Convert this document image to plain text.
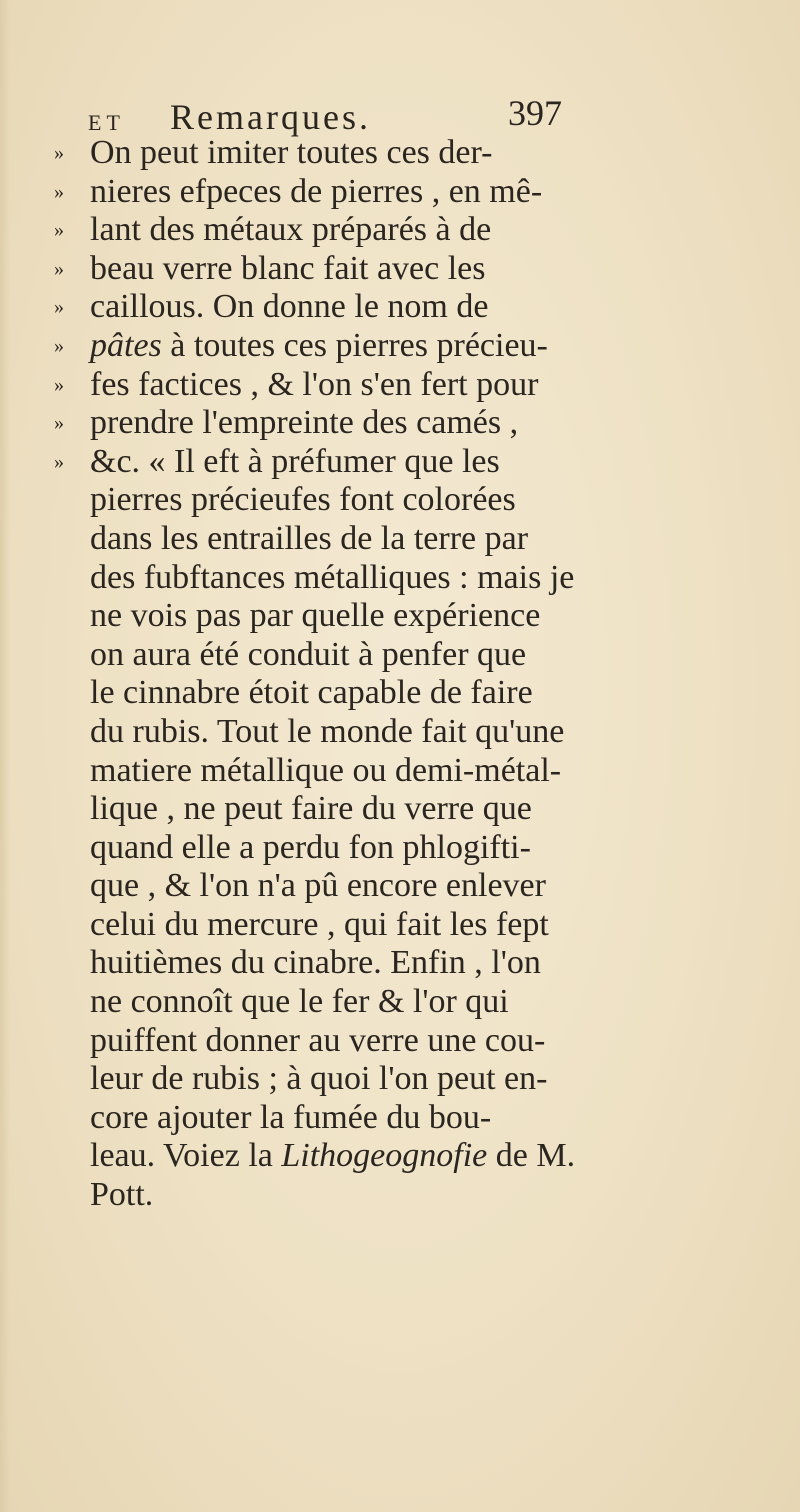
ET Remarques.	397
» On peut imiter toutes ces der-
» nieres efpeces de pierres , en mê-
» lant des métaux préparés à de
» beau verre blanc fait avec les
» caillous. On donne le nom de
» pâtes à toutes ces pierres précieu-
» fes factices , & l'on s'en fert pour
» prendre l'empreinte des camés ,
» &c. « Il eft à préfumer que les
pierres précieufes font colorées
dans les entrailles de la terre par
des fubftances métalliques : mais je
ne vois pas par quelle expérience
on aura été conduit à penfer que
le cinnabre étoit capable de faire
du rubis. Tout le monde fait qu'une
matiere métallique ou demi-métal-
lique , ne peut faire du verre que
quand elle a perdu fon phlogifti-
que , & l'on n'a pû encore enlever
celui du mercure , qui fait les fept
huitièmes du cinabre. Enfin , l'on
ne connoît que le fer & l'or qui
puiffent donner au verre une cou-
leur de rubis ; à quoi l'on peut en-
core ajouter la fumée du bou-
leau. Voiez la Lithogeognofie de M.
Pott.
